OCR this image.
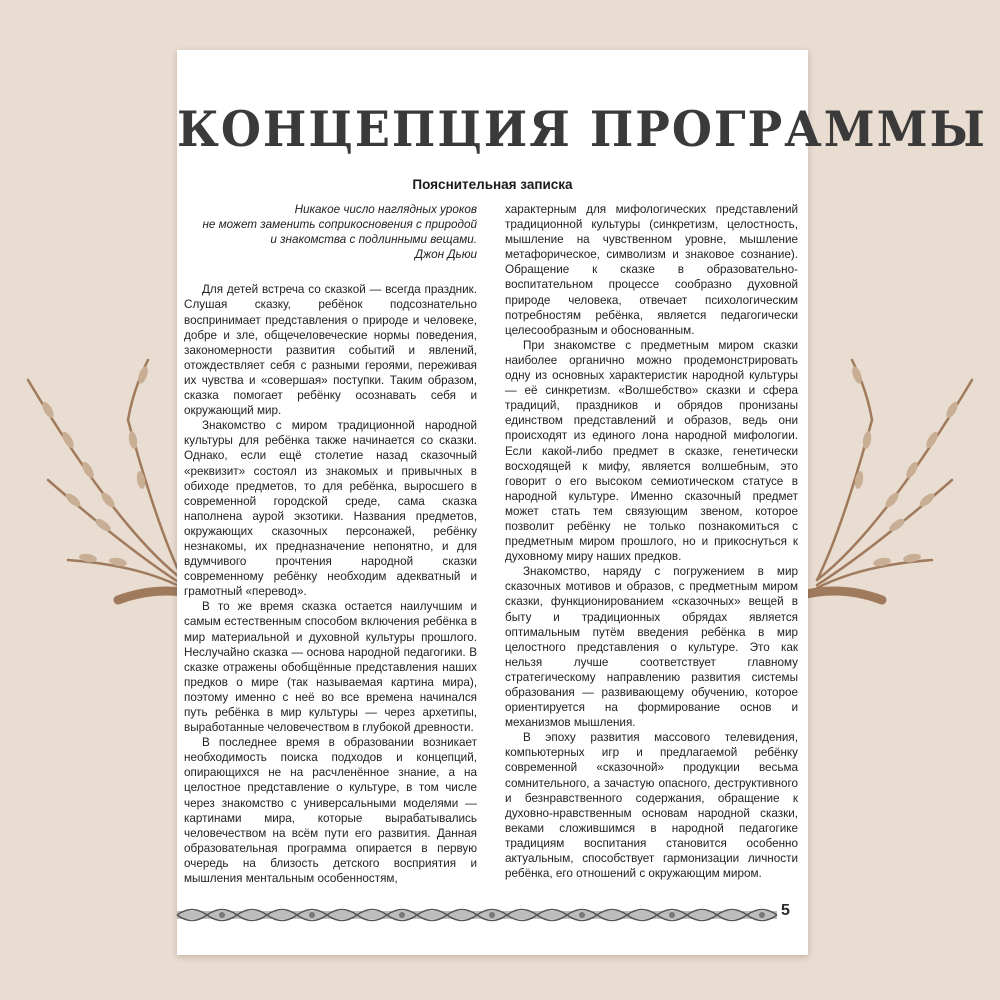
КОНЦЕПЦИЯ ПРОГРАММЫ
Пояснительная записка
Никакое число наглядных уроков
не может заменить соприкосновения с природой
и знакомства с подлинными вещами.
Джон Дьюи

Для детей встреча со сказкой — всегда праздник. Слушая сказку, ребёнок подсознательно воспринимает представления о природе и человеке, добре и зле, общечеловеческие нормы поведения, закономерности развития событий и явлений, отождествляет себя с разными героями, переживая их чувства и «совершая» поступки. Таким образом, сказка помогает ребёнку осознавать себя и окружающий мир.

Знакомство с миром традиционной народной культуры для ребёнка также начинается со сказки. Однако, если ещё столетие назад сказочный «реквизит» состоял из знакомых и привычных в обиходе предметов, то для ребёнка, выросшего в современной городской среде, сама сказка наполнена аурой экзотики. Названия предметов, окружающих сказочных персонажей, ребёнку незнакомы, их предназначение непонятно, и для вдумчивого прочтения народной сказки современному ребёнку необходим адекватный и грамотный «перевод».

В то же время сказка остается наилучшим и самым естественным способом включения ребёнка в мир материальной и духовной культуры прошлого. Неслучайно сказка — основа народной педагогики. В сказке отражены обобщённые представления наших предков о мире (так называемая картина мира), поэтому именно с неё во все времена начинался путь ребёнка в мир культуры — через архетипы, выработанные человечеством в глубокой древности.

В последнее время в образовании возникает необходимость поиска подходов и концепций, опирающихся не на расчленённое знание, а на целостное представление о культуре, в том числе через знакомство с универсальными моделями — картинами мира, которые вырабатывались человечеством на всём пути его развития. Данная образовательная программа опирается в первую очередь на близость детского восприятия и мышления ментальным особенностям,

характерным для мифологических представлений традиционной культуры (синкретизм, целостность, мышление на чувственном уровне, мышление метафорическое, символизм и знаковое сознание). Обращение к сказке в образовательно-воспитательном процессе сообразно духовной природе человека, отвечает психологическим потребностям ребёнка, является педагогически целесообразным и обоснованным.

При знакомстве с предметным миром сказки наиболее органично можно продемонстрировать одну из основных характеристик народной культуры — её синкретизм. «Волшебство» сказки и сфера традиций, праздников и обрядов пронизаны единством представлений и образов, ведь они происходят из единого лона народной мифологии. Если какой-либо предмет в сказке, генетически восходящей к мифу, является волшебным, это говорит о его высоком семиотическом статусе в народной культуре. Именно сказочный предмет может стать тем связующим звеном, которое позволит ребёнку не только познакомиться с предметным миром прошлого, но и прикоснуться к духовному миру наших предков.

Знакомство, наряду с погружением в мир сказочных мотивов и образов, с предметным миром сказки, функционированием «сказочных» вещей в быту и традиционных обрядах является оптимальным путём введения ребёнка в мир целостного представления о культуре. Это как нельзя лучше соответствует главному стратегическому направлению развития системы образования — развивающему обучению, которое ориентируется на формирование основ и механизмов мышления.

В эпоху развития массового телевидения, компьютерных игр и предлагаемой ребёнку современной «сказочной» продукции весьма сомнительного, а зачастую опасного, деструктивного и безнравственного содержания, обращение к духовно-нравственным основам народной сказки, веками сложившимся в народной педагогике традициям воспитания становится особенно актуальным, способствует гармонизации личности ребёнка, его отношений с окружающим миром.

5
